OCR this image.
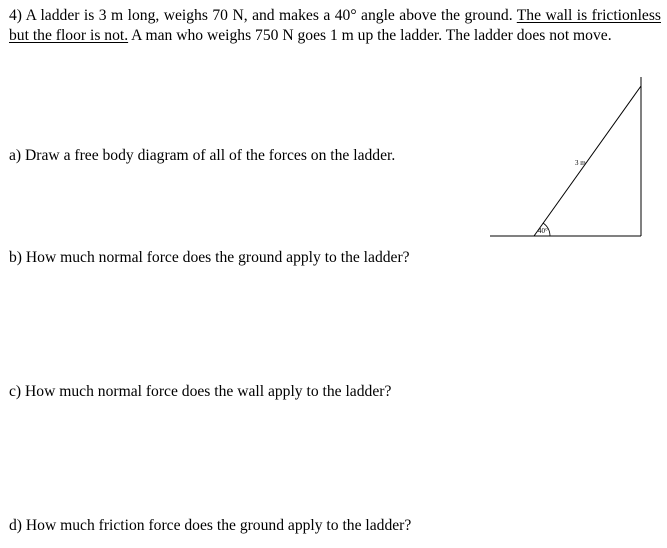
4) A ladder is 3 m long, weighs 70 N, and makes a 40° angle above the ground. The wall is frictionless but the floor is not. A man who weighs 750 N goes 1 m up the ladder. The ladder does not move.

a) Draw a free body diagram of all of the forces on the ladder.

b) How much normal force does the ground apply to the ladder?

c) How much normal force does the wall apply to the ladder?

d) How much friction force does the ground apply to the ladder?

3 m
40°
